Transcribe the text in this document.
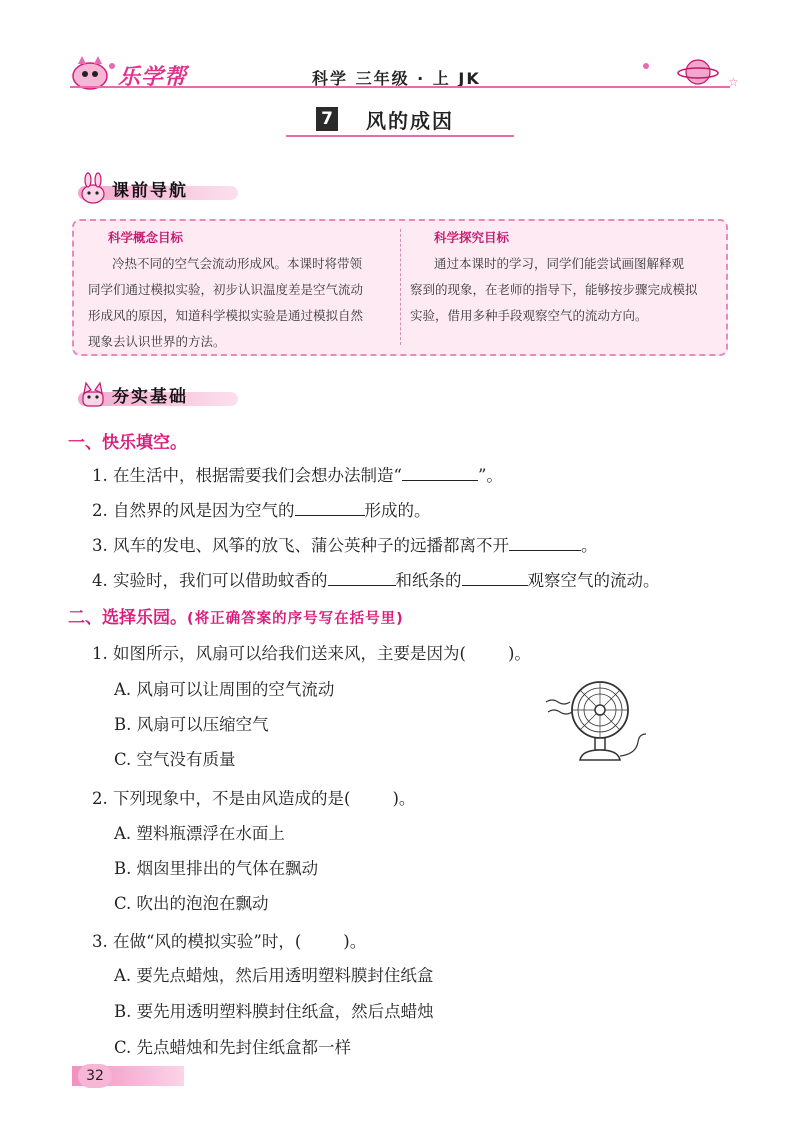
乐学帮	科学 三年级 · 上 JK	☆
7 风的成因
课前导航
科学概念目标
冷热不同的空气会流动形成风。本课时将带领
同学们通过模拟实验，初步认识温度差是空气流动
形成风的原因，知道科学模拟实验是通过模拟自然
现象去认识世界的方法。
科学探究目标
通过本课时的学习，同学们能尝试画图解释观
察到的现象，在老师的指导下，能够按步骤完成模拟
实验，借用多种手段观察空气的流动方向。
夯实基础
一、快乐填空。
1. 在生活中，根据需要我们会想办法制造“	”。
2. 自然界的风是因为空气的	形成的。
3. 风车的发电、风筝的放飞、蒲公英种子的远播都离不开	。
4. 实验时，我们可以借助蚊香的	和纸条的	观察空气的流动。
二、选择乐园。(将正确答案的序号写在括号里)
1. 如图所示，风扇可以给我们送来风，主要是因为(	)。
A. 风扇可以让周围的空气流动
B. 风扇可以压缩空气
C. 空气没有质量
2. 下列现象中，不是由风造成的是(	)。
A. 塑料瓶漂浮在水面上
B. 烟囱里排出的气体在飘动
C. 吹出的泡泡在飘动
3. 在做“风的模拟实验”时，(	)。
A. 要先点蜡烛，然后用透明塑料膜封住纸盒
B. 要先用透明塑料膜封住纸盒，然后点蜡烛
C. 先点蜡烛和先封住纸盒都一样
32
